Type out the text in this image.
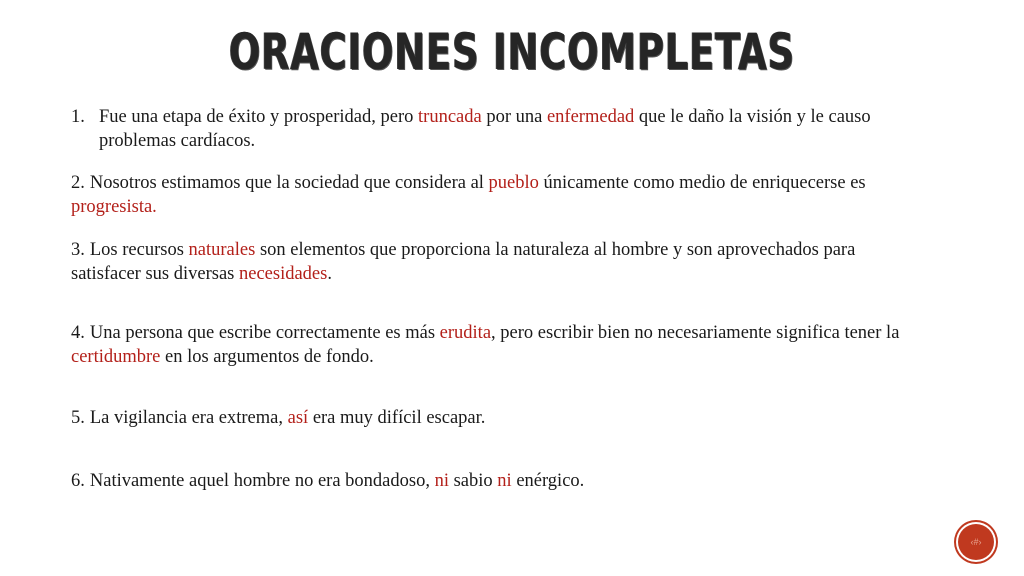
ORACIONES INCOMPLETAS

1. Fue una etapa de éxito y prosperidad, pero truncada por una enfermedad que le daño la visión y le causo problemas cardíacos.

2. Nosotros estimamos que la sociedad que considera al pueblo únicamente como medio de enriquecerse es progresista.

3. Los recursos naturales son elementos que proporciona la naturaleza al hombre y son aprovechados para satisfacer sus diversas necesidades.

4. Una persona que escribe correctamente es más erudita, pero escribir bien no necesariamente significa tener la certidumbre en los argumentos de fondo.

5. La vigilancia era extrema, así era muy difícil escapar.

6. Nativamente aquel hombre no era bondadoso, ni sabio ni enérgico.

‹#›
